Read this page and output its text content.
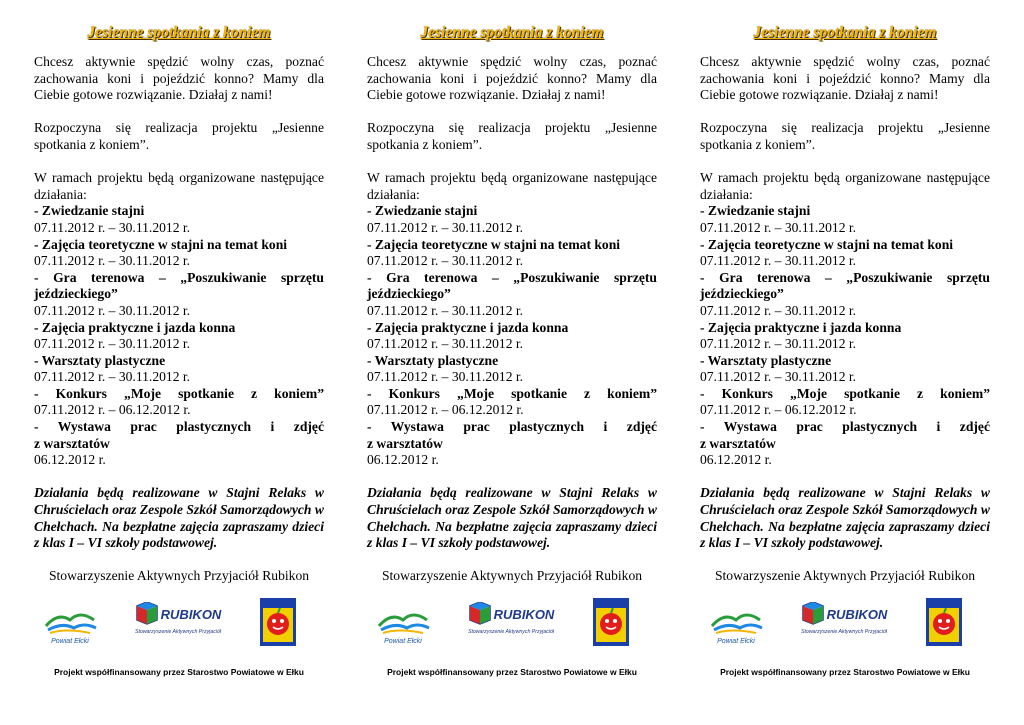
Jesienne spotkania z koniem

Chcesz aktywnie spędzić wolny czas, poznać zachowania koni i pojeździć konno? Mamy dla Ciebie gotowe rozwiązanie. Działaj z nami!

Rozpoczyna się realizacja projektu „Jesienne spotkania z koniem”.

W ramach projektu będą organizowane następujące działania:

- Zwiedzanie stajni
07.11.2012 r. – 30.11.2012 r.
- Zajęcia teoretyczne w stajni na temat koni
07.11.2012 r. – 30.11.2012 r.
- Gra terenowa – „Poszukiwanie sprzętu
jeździeckiego”
07.11.2012 r. – 30.11.2012 r.
- Zajęcia praktyczne i jazda konna
07.11.2012 r. – 30.11.2012 r.
- Warsztaty plastyczne
07.11.2012 r. – 30.11.2012 r.
- Konkurs „Moje spotkanie z koniem”
07.11.2012 r. – 06.12.2012 r.
- Wystawa prac plastycznych i zdjęć
z warsztatów
06.12.2012 r.

Działania będą realizowane w Stajni Relaks w Chruścielach oraz Zespole Szkół Samorządowych w Chełchach. Na bezpłatne zajęcia zapraszamy dzieci z klas I – VI szkoły podstawowej.

Stowarzyszenie Aktywnych Przyjaciół Rubikon
Powiat Ełcki
RUBIKON
Stowarzyszenie Aktywnych Przyjaciół
Projekt współfinansowany przez Starostwo Powiatowe w Ełku
Jesienne spotkania z koniem

Chcesz aktywnie spędzić wolny czas, poznać zachowania koni i pojeździć konno? Mamy dla Ciebie gotowe rozwiązanie. Działaj z nami!

Rozpoczyna się realizacja projektu „Jesienne spotkania z koniem”.

W ramach projektu będą organizowane następujące działania:

- Zwiedzanie stajni
07.11.2012 r. – 30.11.2012 r.
- Zajęcia teoretyczne w stajni na temat koni
07.11.2012 r. – 30.11.2012 r.
- Gra terenowa – „Poszukiwanie sprzętu
jeździeckiego”
07.11.2012 r. – 30.11.2012 r.
- Zajęcia praktyczne i jazda konna
07.11.2012 r. – 30.11.2012 r.
- Warsztaty plastyczne
07.11.2012 r. – 30.11.2012 r.
- Konkurs „Moje spotkanie z koniem”
07.11.2012 r. – 06.12.2012 r.
- Wystawa prac plastycznych i zdjęć
z warsztatów
06.12.2012 r.

Działania będą realizowane w Stajni Relaks w Chruścielach oraz Zespole Szkół Samorządowych w Chełchach. Na bezpłatne zajęcia zapraszamy dzieci z klas I – VI szkoły podstawowej.

Stowarzyszenie Aktywnych Przyjaciół Rubikon
Powiat Ełcki
RUBIKON
Stowarzyszenie Aktywnych Przyjaciół
Projekt współfinansowany przez Starostwo Powiatowe w Ełku
Jesienne spotkania z koniem

Chcesz aktywnie spędzić wolny czas, poznać zachowania koni i pojeździć konno? Mamy dla Ciebie gotowe rozwiązanie. Działaj z nami!

Rozpoczyna się realizacja projektu „Jesienne spotkania z koniem”.

W ramach projektu będą organizowane następujące działania:

- Zwiedzanie stajni
07.11.2012 r. – 30.11.2012 r.
- Zajęcia teoretyczne w stajni na temat koni
07.11.2012 r. – 30.11.2012 r.
- Gra terenowa – „Poszukiwanie sprzętu
jeździeckiego”
07.11.2012 r. – 30.11.2012 r.
- Zajęcia praktyczne i jazda konna
07.11.2012 r. – 30.11.2012 r.
- Warsztaty plastyczne
07.11.2012 r. – 30.11.2012 r.
- Konkurs „Moje spotkanie z koniem”
07.11.2012 r. – 06.12.2012 r.
- Wystawa prac plastycznych i zdjęć
z warsztatów
06.12.2012 r.

Działania będą realizowane w Stajni Relaks w Chruścielach oraz Zespole Szkół Samorządowych w Chełchach. Na bezpłatne zajęcia zapraszamy dzieci z klas I – VI szkoły podstawowej.

Stowarzyszenie Aktywnych Przyjaciół Rubikon
Powiat Ełcki
RUBIKON
Stowarzyszenie Aktywnych Przyjaciół
Projekt współfinansowany przez Starostwo Powiatowe w Ełku
